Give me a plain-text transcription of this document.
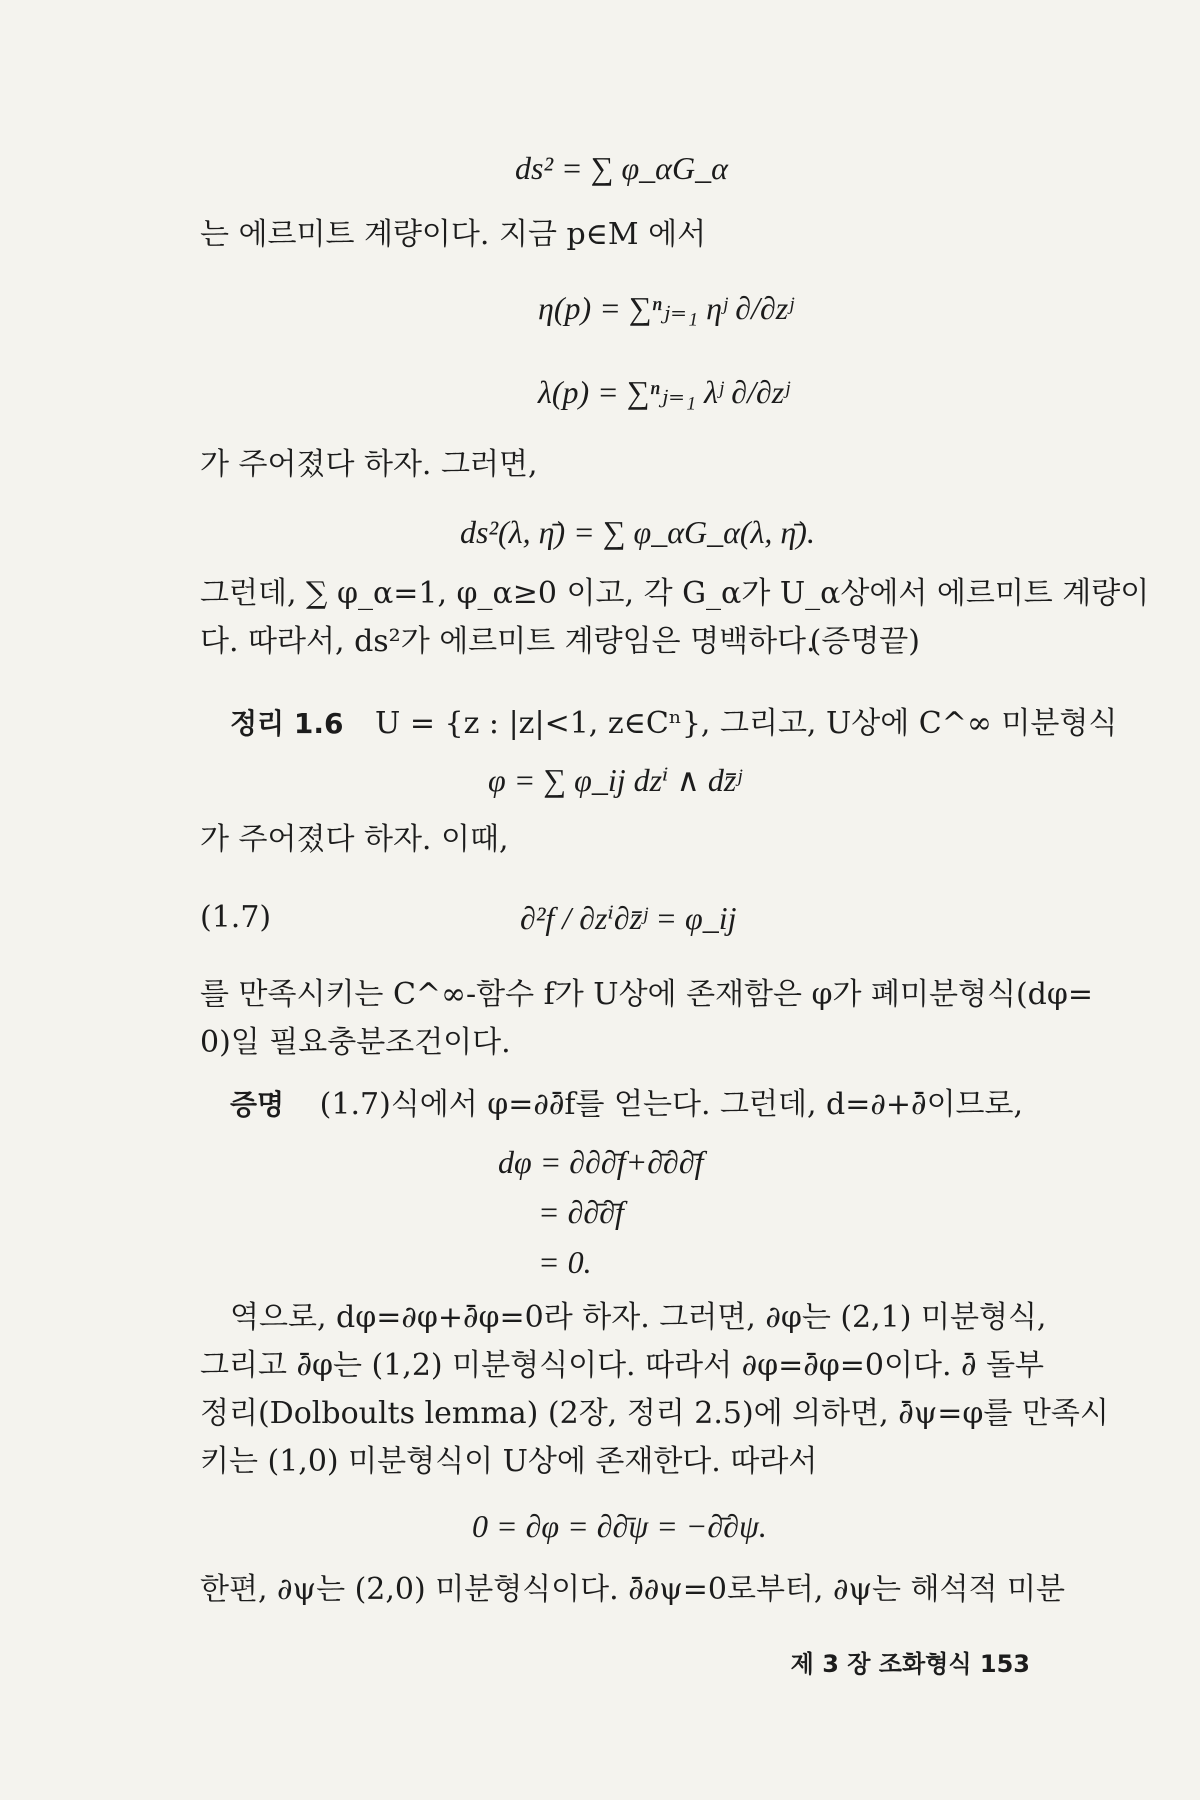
ds² = ∑ φ_αG_α
는 에르미트 계량이다. 지금 p∈M 에서
η(p) = ∑ⁿⱼ₌₁ ηʲ ∂/∂zʲ
λ(p) = ∑ⁿⱼ₌₁ λʲ ∂/∂zʲ
가 주어졌다 하자. 그러면,
ds²(λ, η̄) = ∑ φ_αG_α(λ, η̄).
그런데, ∑ φ_α=1, φ_α≥0 이고, 각 G_α가 U_α상에서 에르미트 계량이
다. 따라서, ds²가 에르미트 계량임은 명백하다.
(증명끝)
정리 1.6 U = {z : |z|<1, z∈Cⁿ}, 그리고, U상에 C^∞ 미분형식
φ = ∑ φ_ij dzⁱ ∧ dz̄ʲ
가 주어졌다 하자. 이때,
(1.7)	∂²f / ∂zⁱ∂z̄ʲ = φ_ij
를 만족시키는 C^∞-함수 f가 U상에 존재함은 φ가 폐미분형식(dφ=
0)일 필요충분조건이다.
증명 (1.7)식에서 φ=∂∂̄f를 얻는다. 그런데, d=∂+∂̄이므로,
dφ = ∂∂∂̄f+∂̄∂∂̄f
= ∂∂̄∂̄f
= 0.
역으로, dφ=∂φ+∂̄φ=0라 하자. 그러면, ∂φ는 (2,1) 미분형식,
그리고 ∂̄φ는 (1,2) 미분형식이다. 따라서 ∂φ=∂̄φ=0이다. ∂̄ 돌부
정리(Dolboults lemma) (2장, 정리 2.5)에 의하면, ∂̄ψ=φ를 만족시
키는 (1,0) 미분형식이 U상에 존재한다. 따라서
0 = ∂φ = ∂∂̄ψ = −∂̄∂ψ.
한편, ∂ψ는 (2,0) 미분형식이다. ∂̄∂ψ=0로부터, ∂ψ는 해석적 미분
제 3 장 조화형식 153
